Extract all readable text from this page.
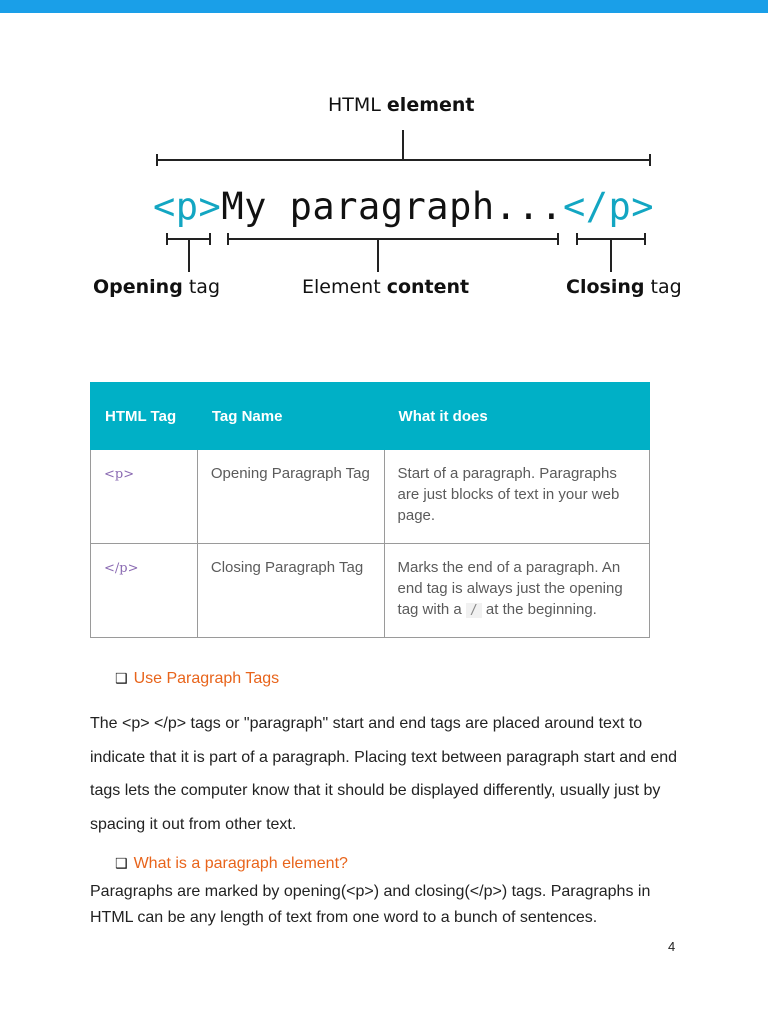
HTML element
<p>My paragraph...</p>
Opening tag	Element content	Closing tag
HTML Tag	Tag Name	What it does
<p>	Opening Paragraph Tag	Start of a paragraph. Paragraphs are just blocks of text in your web page.
</p>	Closing Paragraph Tag	Marks the end of a paragraph. An end tag is always just the opening tag with a / at the beginning.
❑ Use Paragraph Tags
The <p> </p> tags or "paragraph" start and end tags are placed around text to indicate that it is part of a paragraph. Placing text between paragraph start and end tags lets the computer know that it should be displayed differently, usually just by spacing it out from other text.
❑ What is a paragraph element?
Paragraphs are marked by opening(<p>) and closing(</p>) tags. Paragraphs in HTML can be any length of text from one word to a bunch of sentences.
4
